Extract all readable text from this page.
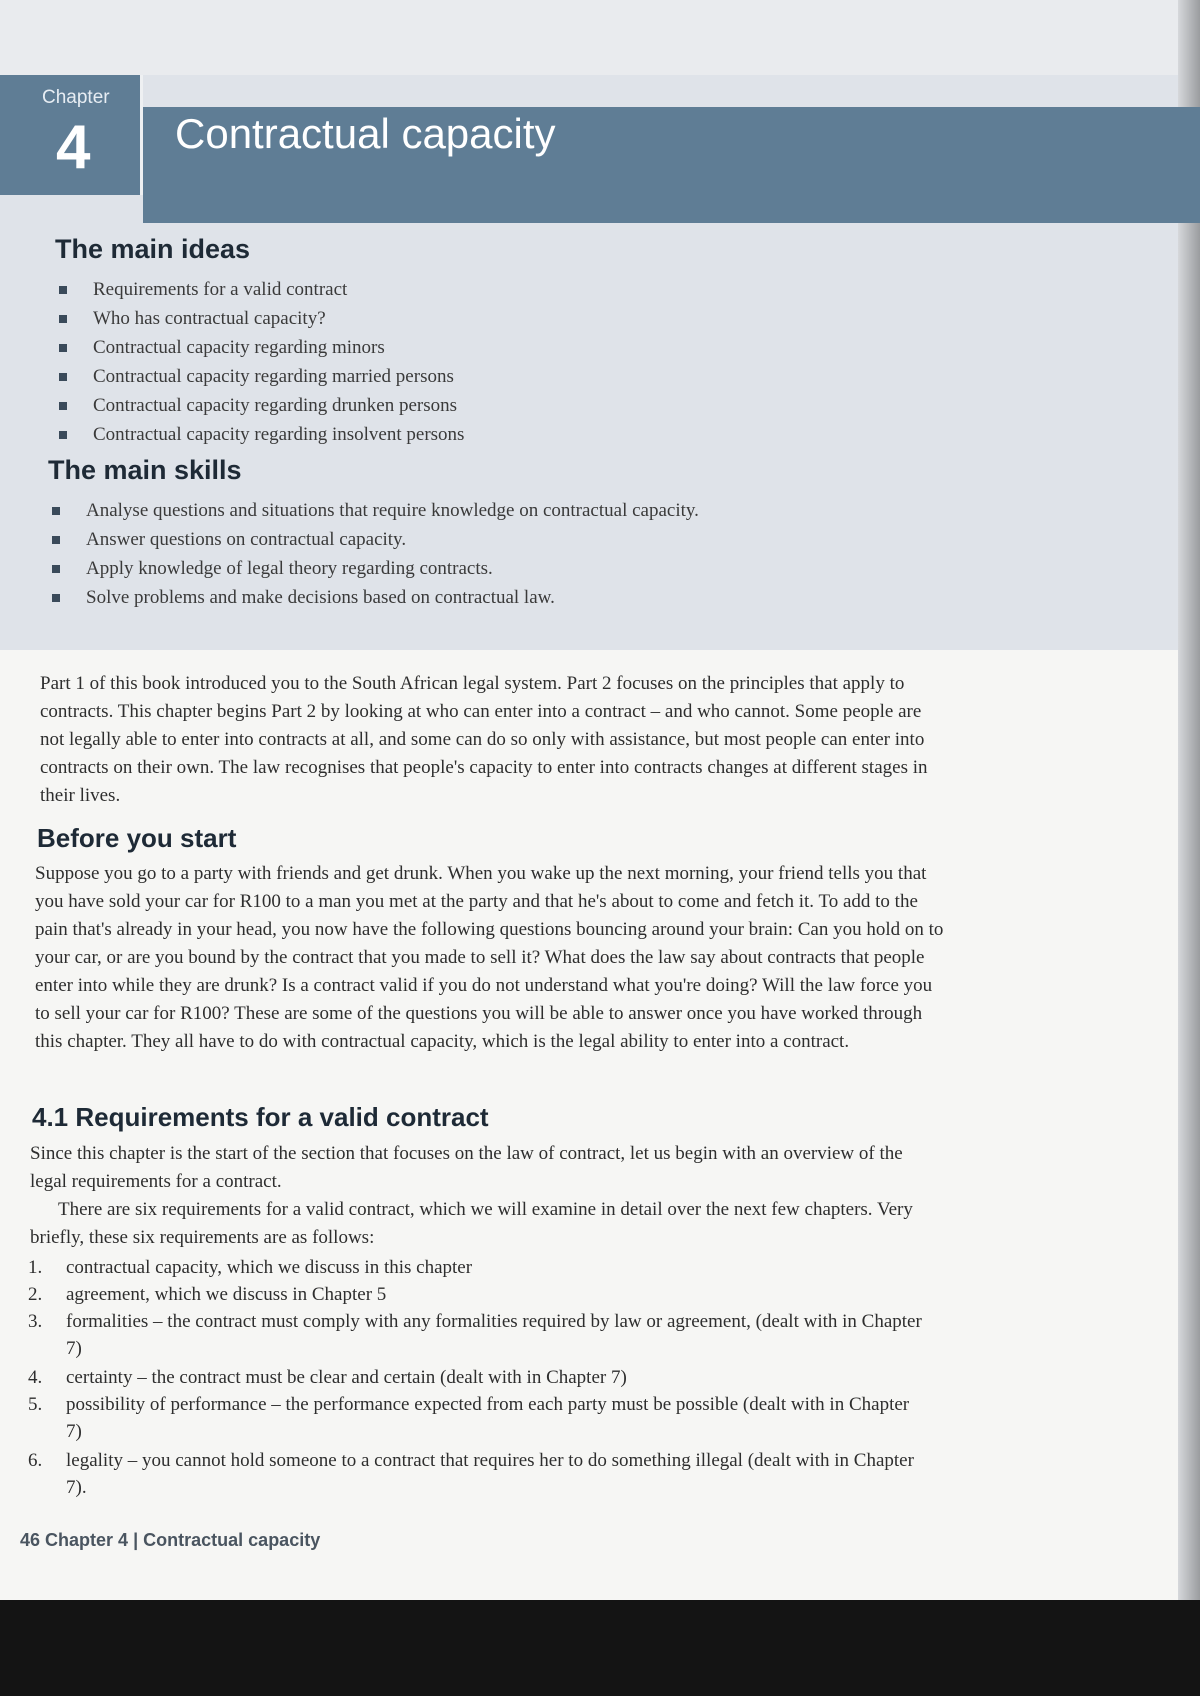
Chapter
4 Contractual capacity
The main ideas
Requirements for a valid contract
Who has contractual capacity?
Contractual capacity regarding minors
Contractual capacity regarding married persons
Contractual capacity regarding drunken persons
Contractual capacity regarding insolvent persons
The main skills
Analyse questions and situations that require knowledge on contractual capacity.
Answer questions on contractual capacity.
Apply knowledge of legal theory regarding contracts.
Solve problems and make decisions based on contractual law.

Part 1 of this book introduced you to the South African legal system. Part 2 focuses on the principles that apply to contracts. This chapter begins Part 2 by looking at who can enter into a contract – and who cannot. Some people are not legally able to enter into contracts at all, and some can do so only with assistance, but most people can enter into contracts on their own. The law recognises that people's capacity to enter into contracts changes at different stages in their lives.

Before you start

Suppose you go to a party with friends and get drunk. When you wake up the next morning, your friend tells you that you have sold your car for R100 to a man you met at the party and that he's about to come and fetch it. To add to the pain that's already in your head, you now have the following questions bouncing around your brain: Can you hold on to your car, or are you bound by the contract that you made to sell it? What does the law say about contracts that people enter into while they are drunk? Is a contract valid if you do not understand what you're doing? Will the law force you to sell your car for R100? These are some of the questions you will be able to answer once you have worked through this chapter. They all have to do with contractual capacity, which is the legal ability to enter into a contract.

4.1 Requirements for a valid contract

Since this chapter is the start of the section that focuses on the law of contract, let us begin with an overview of the legal requirements for a contract.

There are six requirements for a valid contract, which we will examine in detail over the next few chapters. Very briefly, these six requirements are as follows:

1. contractual capacity, which we discuss in this chapter
2. agreement, which we discuss in Chapter 5
3. formalities – the contract must comply with any formalities required by law or agreement, (dealt with in Chapter 7)
4. certainty – the contract must be clear and certain (dealt with in Chapter 7)
5. possibility of performance – the performance expected from each party must be possible (dealt with in Chapter 7)
6. legality – you cannot hold someone to a contract that requires her to do something illegal (dealt with in Chapter 7).

46 Chapter 4 | Contractual capacity
